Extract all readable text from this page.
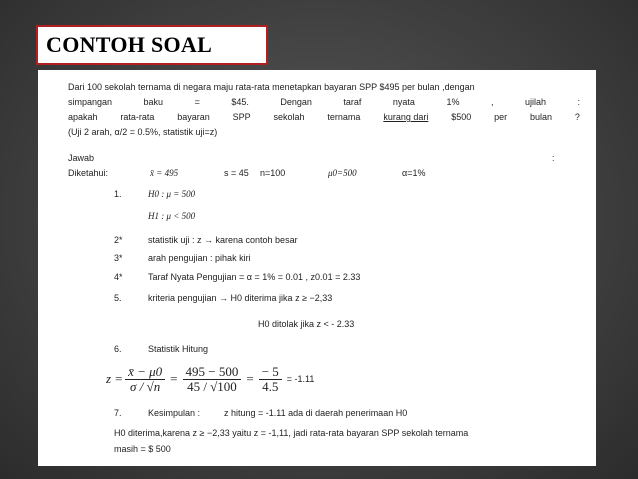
CONTOH SOAL
Dari 100 sekolah ternama di negara maju rata-rata menetapkan bayaran SPP $495 per bulan ,dengan
simpangan	baku	=	$45.	Dengan	taraf	nyata	1%	,	ujilah	:
apakah	rata-rata	bayaran	SPP	sekolah	ternama	kurang dari	$500	per	bulan	?
(Uji 2 arah, α/2 = 0.5%, statistik uji=z)
Jawab	:
Diketahui:	x̄ = 495	s = 45 n=100	μ0=500	α=1%
1.	H0 : μ = 500
H1 : μ < 500
2*	statistik uji : z → karena contoh besar
3*	arah pengujian : pihak kiri
4*	Taraf Nyata Pengujian = α = 1% = 0.01 , z0.01 = 2.33
5.	kriteria pengujian → H0 diterima jika z ≥ −2,33
H0 ditolak jika z < - 2.33
6.	Statistik Hitung
$z = \frac{x̄ - \mu 0}{\sigma / √n} = \frac{495 - 500}{45 / √100} = \frac{- 5}{4.5} = -1.11$
7.	Kesimpulan :	z hitung = -1.11 ada di daerah penerimaan H0
H0 diterima,karena z ≥ −2,33 yaitu z = -1,11, jadi rata-rata bayaran SPP sekolah ternama
masih = $ 500
